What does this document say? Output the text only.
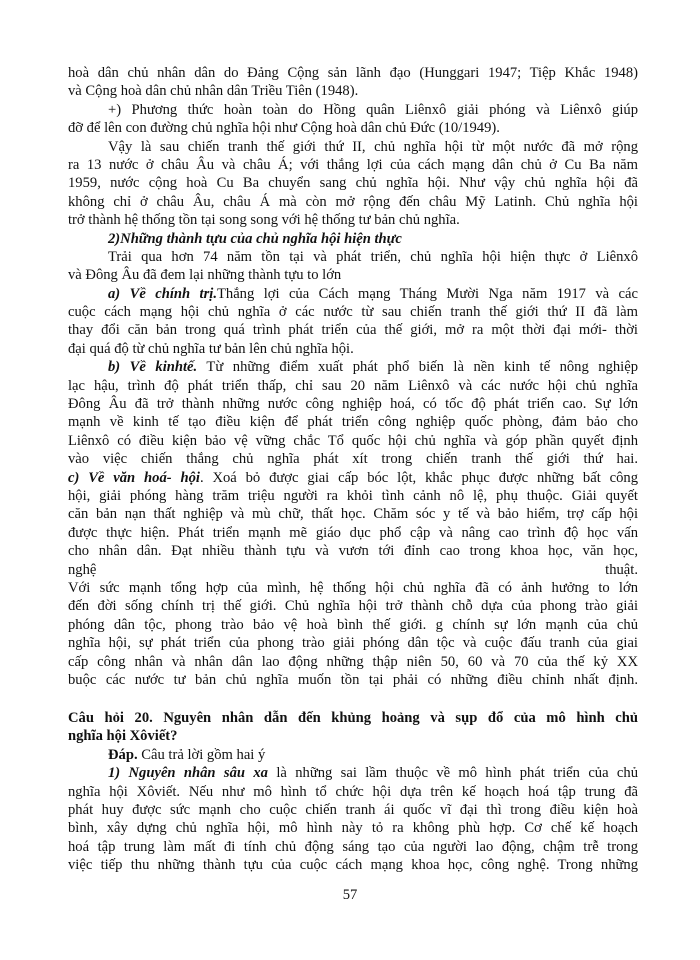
hoà dân chủ nhân dân do Đảng Cộng sản lãnh đạo (Hunggari 1947; Tiệp Khắc 1948)
và Cộng hoà dân chủ nhân dân Triều Tiên (1948).
+) Phương thức hoàn toàn do Hồng quân Liênxô giải phóng và Liênxô giúp
đỡ để lên con đường chủ nghĩa hội như Cộng hoà dân chủ Đức (10/1949).
Vậy là sau chiến tranh thế giới thứ II, chủ nghĩa hội từ một nước đã mở rộng
ra 13 nước ở châu Âu và châu Á; với thắng lợi của cách mạng dân chủ ở Cu Ba năm
1959, nước cộng hoà Cu Ba chuyển sang chủ nghĩa hội. Như vậy chủ nghĩa hội đã
không chỉ ở châu Âu, châu Á mà còn mở rộng đến châu Mỹ Latinh. Chủ nghĩa hội
trở thành hệ thống tồn tại song song với hệ thống tư bản chủ nghĩa.
2)Những thành tựu của chủ nghĩa hội hiện thực
Trải qua hơn 74 năm tồn tại và phát triển, chủ nghĩa hội hiện thực ở Liênxô
và Đông Âu đã đem lại những thành tựu to lớn
a) Về chính trị.Thắng lợi của Cách mạng Tháng Mười Nga năm 1917 và các
cuộc cách mạng hội chủ nghĩa ở các nước từ sau chiến tranh thế giới thứ II đã làm
thay đổi căn bản trong quá trình phát triển của thế giới, mở ra một thời đại mới- thời
đại quá độ từ chủ nghĩa tư bản lên chủ nghĩa hội.
b) Về kinhtế. Từ những điểm xuất phát phổ biến là nền kinh tế nông nghiệp
lạc hậu, trình độ phát triển thấp, chỉ sau 20 năm Liênxô và các nước hội chủ nghĩa
Đông Âu đã trở thành những nước công nghiệp hoá, có tốc độ phát triển cao. Sự lớn
mạnh về kinh tế tạo điều kiện để phát triển công nghiệp quốc phòng, đảm bảo cho
Liênxô có điều kiện bảo vệ vững chắc Tổ quốc hội chủ nghĩa và góp phần quyết định
vào việc chiến thắng chủ nghĩa phát xít trong chiến tranh thế giới thứ hai.
c) Về văn hoá- hội. Xoá bỏ được giai cấp bóc lột, khắc phục được những bất công
hội, giải phóng hàng trăm triệu người ra khỏi tình cảnh nô lệ, phụ thuộc. Giải quyết
căn bản nạn thất nghiệp và mù chữ, thất học. Chăm sóc y tế và bảo hiểm, trợ cấp hội
được thực hiện. Phát triển mạnh mẽ giáo dục phổ cập và nâng cao trình độ học vấn
cho nhân dân. Đạt nhiều thành tựu và vươn tới đỉnh cao trong khoa học, văn học,
nghệ thuật.
Với sức mạnh tổng hợp của mình, hệ thống hội chủ nghĩa đã có ảnh hưởng to lớn
đến đời sống chính trị thế giới. Chủ nghĩa hội trở thành chỗ dựa của phong trào giải
phóng dân tộc, phong trào bảo vệ hoà bình thế giới. g chính sự lớn mạnh của chủ
nghĩa hội, sự phát triển của phong trào giải phóng dân tộc và cuộc đấu tranh của giai
cấp công nhân và nhân dân lao động những thập niên 50, 60 và 70 của thế kỷ XX
buộc các nước tư bản chủ nghĩa muốn tồn tại phải có những điều chỉnh nhất định.
Câu hỏi 20. Nguyên nhân dẫn đến khủng hoảng và sụp đổ của mô hình chủ
nghĩa hội Xôviết?
Đáp. Câu trả lời gồm hai ý
1) Nguyên nhân sâu xa là những sai lầm thuộc về mô hình phát triển của chủ
nghĩa hội Xôviết. Nếu như mô hình tổ chức hội dựa trên kế hoạch hoá tập trung đã
phát huy được sức mạnh cho cuộc chiến tranh ái quốc vĩ đại thì trong điều kiện hoà
bình, xây dựng chủ nghĩa hội, mô hình này tỏ ra không phù hợp. Cơ chế kế hoạch
hoá tập trung làm mất đi tính chủ động sáng tạo của người lao động, chậm trễ trong
việc tiếp thu những thành tựu của cuộc cách mạng khoa học, công nghệ. Trong những
57
